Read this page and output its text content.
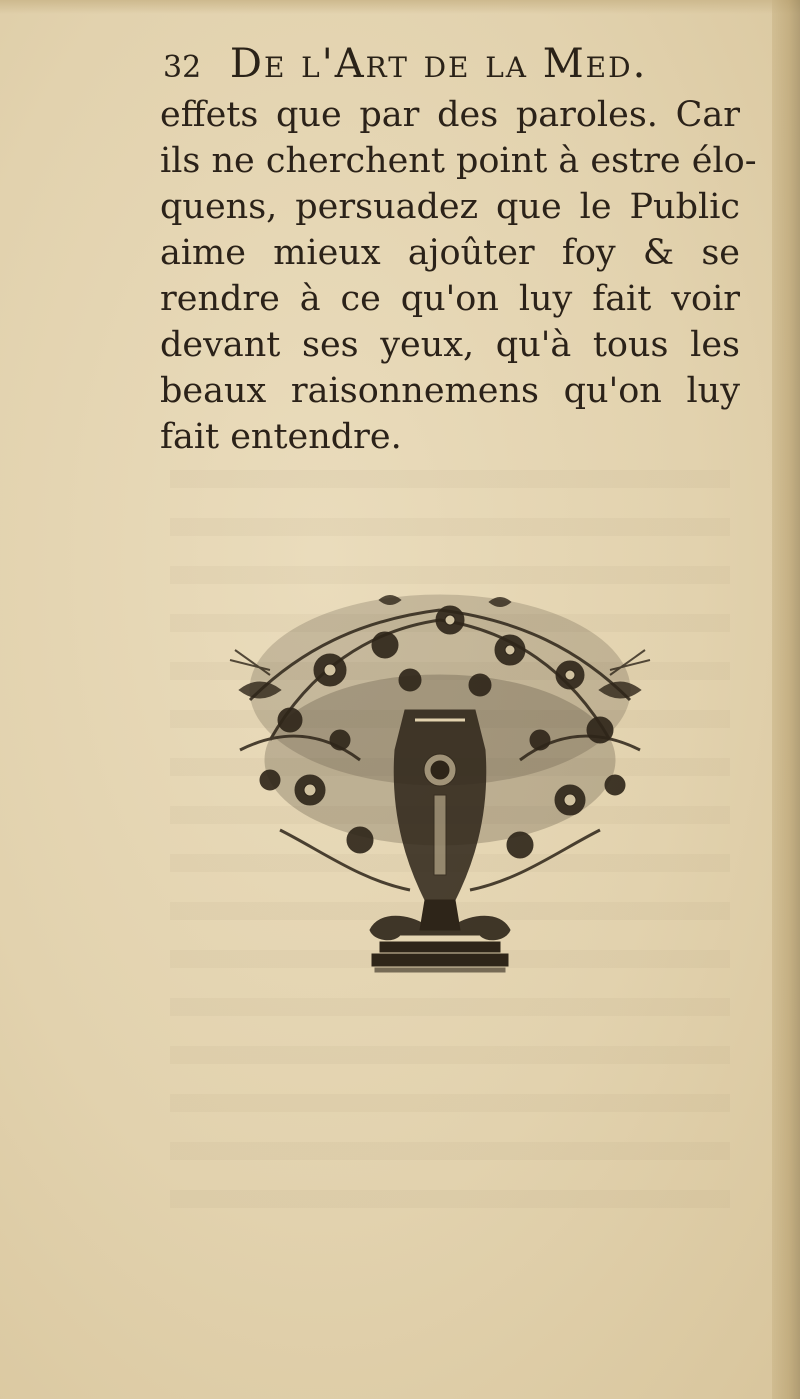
32 De l'Art de la Med.
effets que par des paroles. Car
ils ne cherchent point à estre élo-
quens, persuadez que le Public
aime mieux ajoûter foy & se
rendre à ce qu'on luy fait voir
devant ses yeux, qu'à tous les
beaux raisonnemens qu'on luy
fait entendre.
